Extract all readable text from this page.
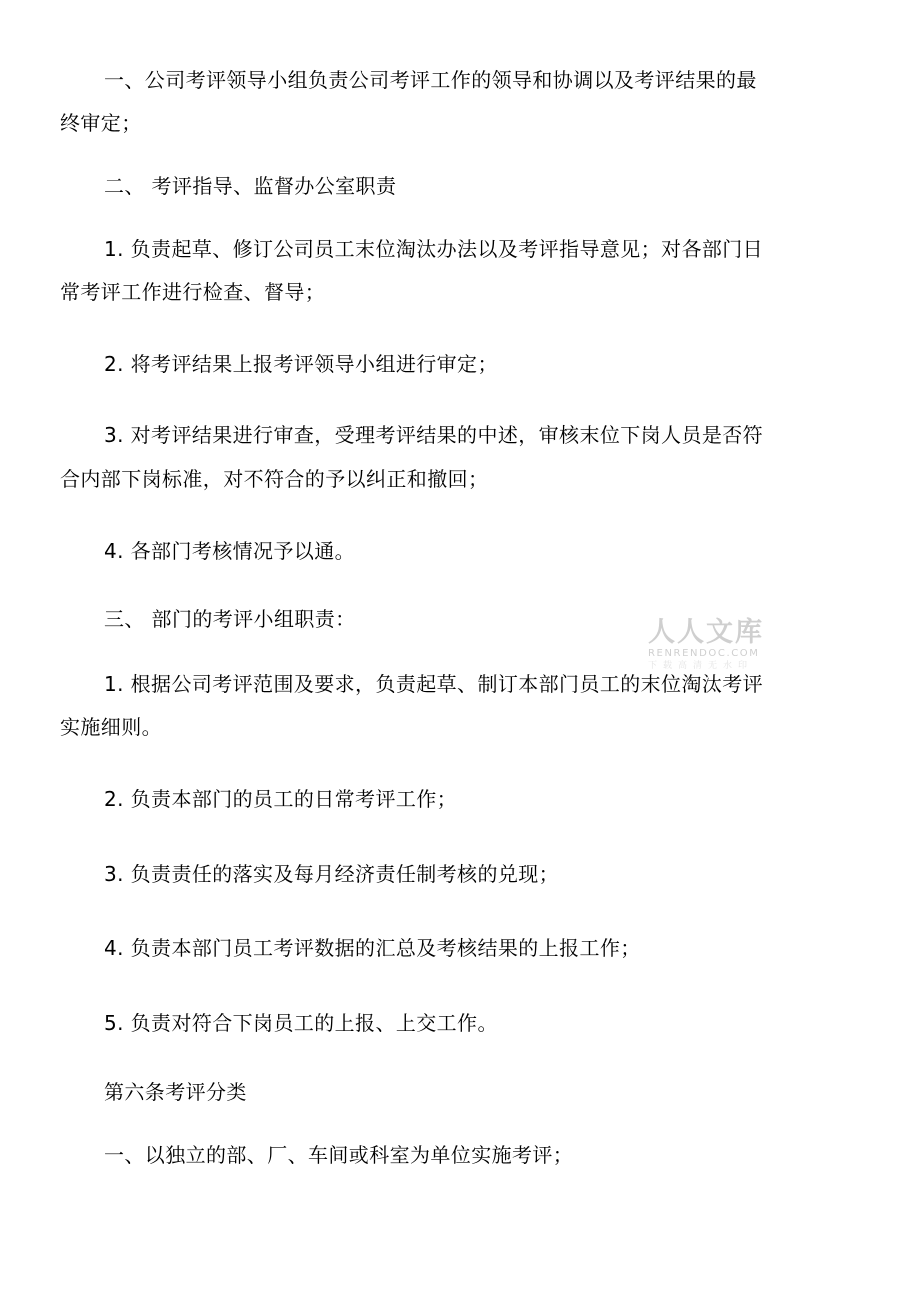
一、公司考评领导小组负责公司考评工作的领导和协调以及考评结果的最
终审定；
二、 考评指导、监督办公室职责
1. 负责起草、修订公司员工末位淘汰办法以及考评指导意见；对各部门日
常考评工作进行检查、督导；
2. 将考评结果上报考评领导小组进行审定；
3. 对考评结果进行审查，受理考评结果的中述，审核末位下岗人员是否符
合内部下岗标准，对不符合的予以纠正和撤回；
4. 各部门考核情况予以通。
三、 部门的考评小组职责：
1. 根据公司考评范围及要求，负责起草、制订本部门员工的末位淘汰考评
实施细则。
2. 负责本部门的员工的日常考评工作；
3. 负责责任的落实及每月经济责任制考核的兑现；
4. 负责本部门员工考评数据的汇总及考核结果的上报工作；
5. 负责对符合下岗员工的上报、上交工作。
第六条考评分类
一、以独立的部、厂、车间或科室为单位实施考评；
人人文库
RENRENDOC.COM
下载高清无水印
